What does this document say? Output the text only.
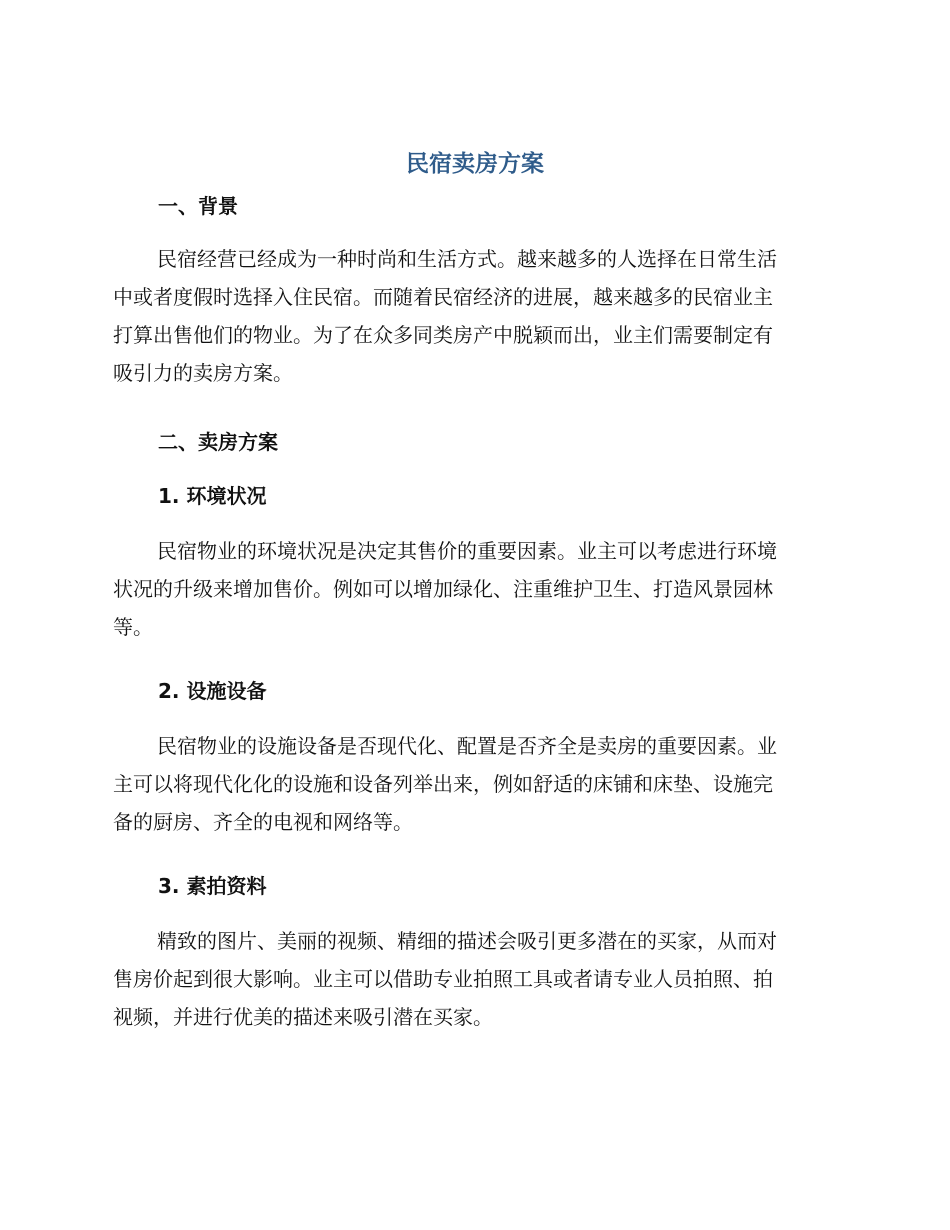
民宿卖房方案
一、背景

民宿经营已经成为一种时尚和生活方式。越来越多的人选择在日常生活
中或者度假时选择入住民宿。而随着民宿经济的进展，越来越多的民宿业主
打算出售他们的物业。为了在众多同类房产中脱颖而出，业主们需要制定有
吸引力的卖房方案。

二、卖房方案
1. 环境状况

民宿物业的环境状况是决定其售价的重要因素。业主可以考虑进行环境
状况的升级来增加售价。例如可以增加绿化、注重维护卫生、打造风景园林
等。

2. 设施设备

民宿物业的设施设备是否现代化、配置是否齐全是卖房的重要因素。业
主可以将现代化化的设施和设备列举出来，例如舒适的床铺和床垫、设施完
备的厨房、齐全的电视和网络等。

3. 素拍资料

精致的图片、美丽的视频、精细的描述会吸引更多潜在的买家，从而对
售房价起到很大影响。业主可以借助专业拍照工具或者请专业人员拍照、拍
视频，并进行优美的描述来吸引潜在买家。
